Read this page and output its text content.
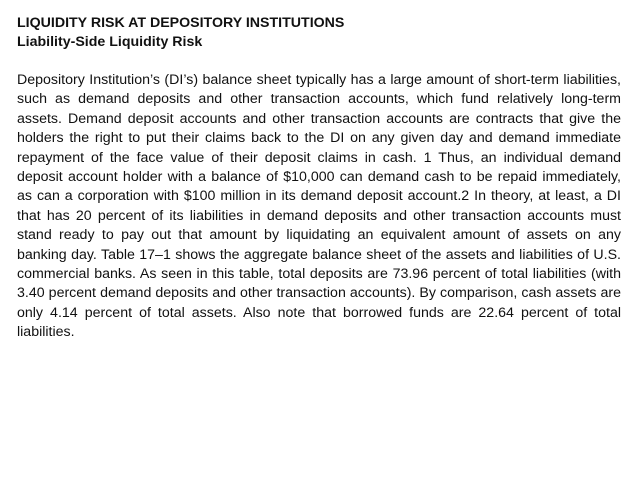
LIQUIDITY RISK AT DEPOSITORY INSTITUTIONS
Liability-Side Liquidity Risk

Depository Institution’s (DI’s) balance sheet typically has a large amount of short-term liabilities, such as demand deposits and other transaction accounts, which fund relatively long-term assets. Demand deposit accounts and other transaction accounts are contracts that give the holders the right to put their claims back to the DI on any given day and demand immediate repayment of the face value of their deposit claims in cash. 1 Thus, an individual demand deposit account holder with a balance of $10,000 can demand cash to be repaid immediately, as can a corporation with $100 million in its demand deposit account.2 In theory, at least, a DI that has 20 percent of its liabilities in demand deposits and other transaction accounts must stand ready to pay out that amount by liquidating an equivalent amount of assets on any banking day. Table 17–1 shows the aggregate balance sheet of the assets and liabilities of U.S. commercial banks. As seen in this table, total deposits are 73.96 percent of total liabilities (with 3.40 percent demand deposits and other transaction accounts). By comparison, cash assets are only 4.14 percent of total assets. Also note that borrowed funds are 22.64 percent of total liabilities.
